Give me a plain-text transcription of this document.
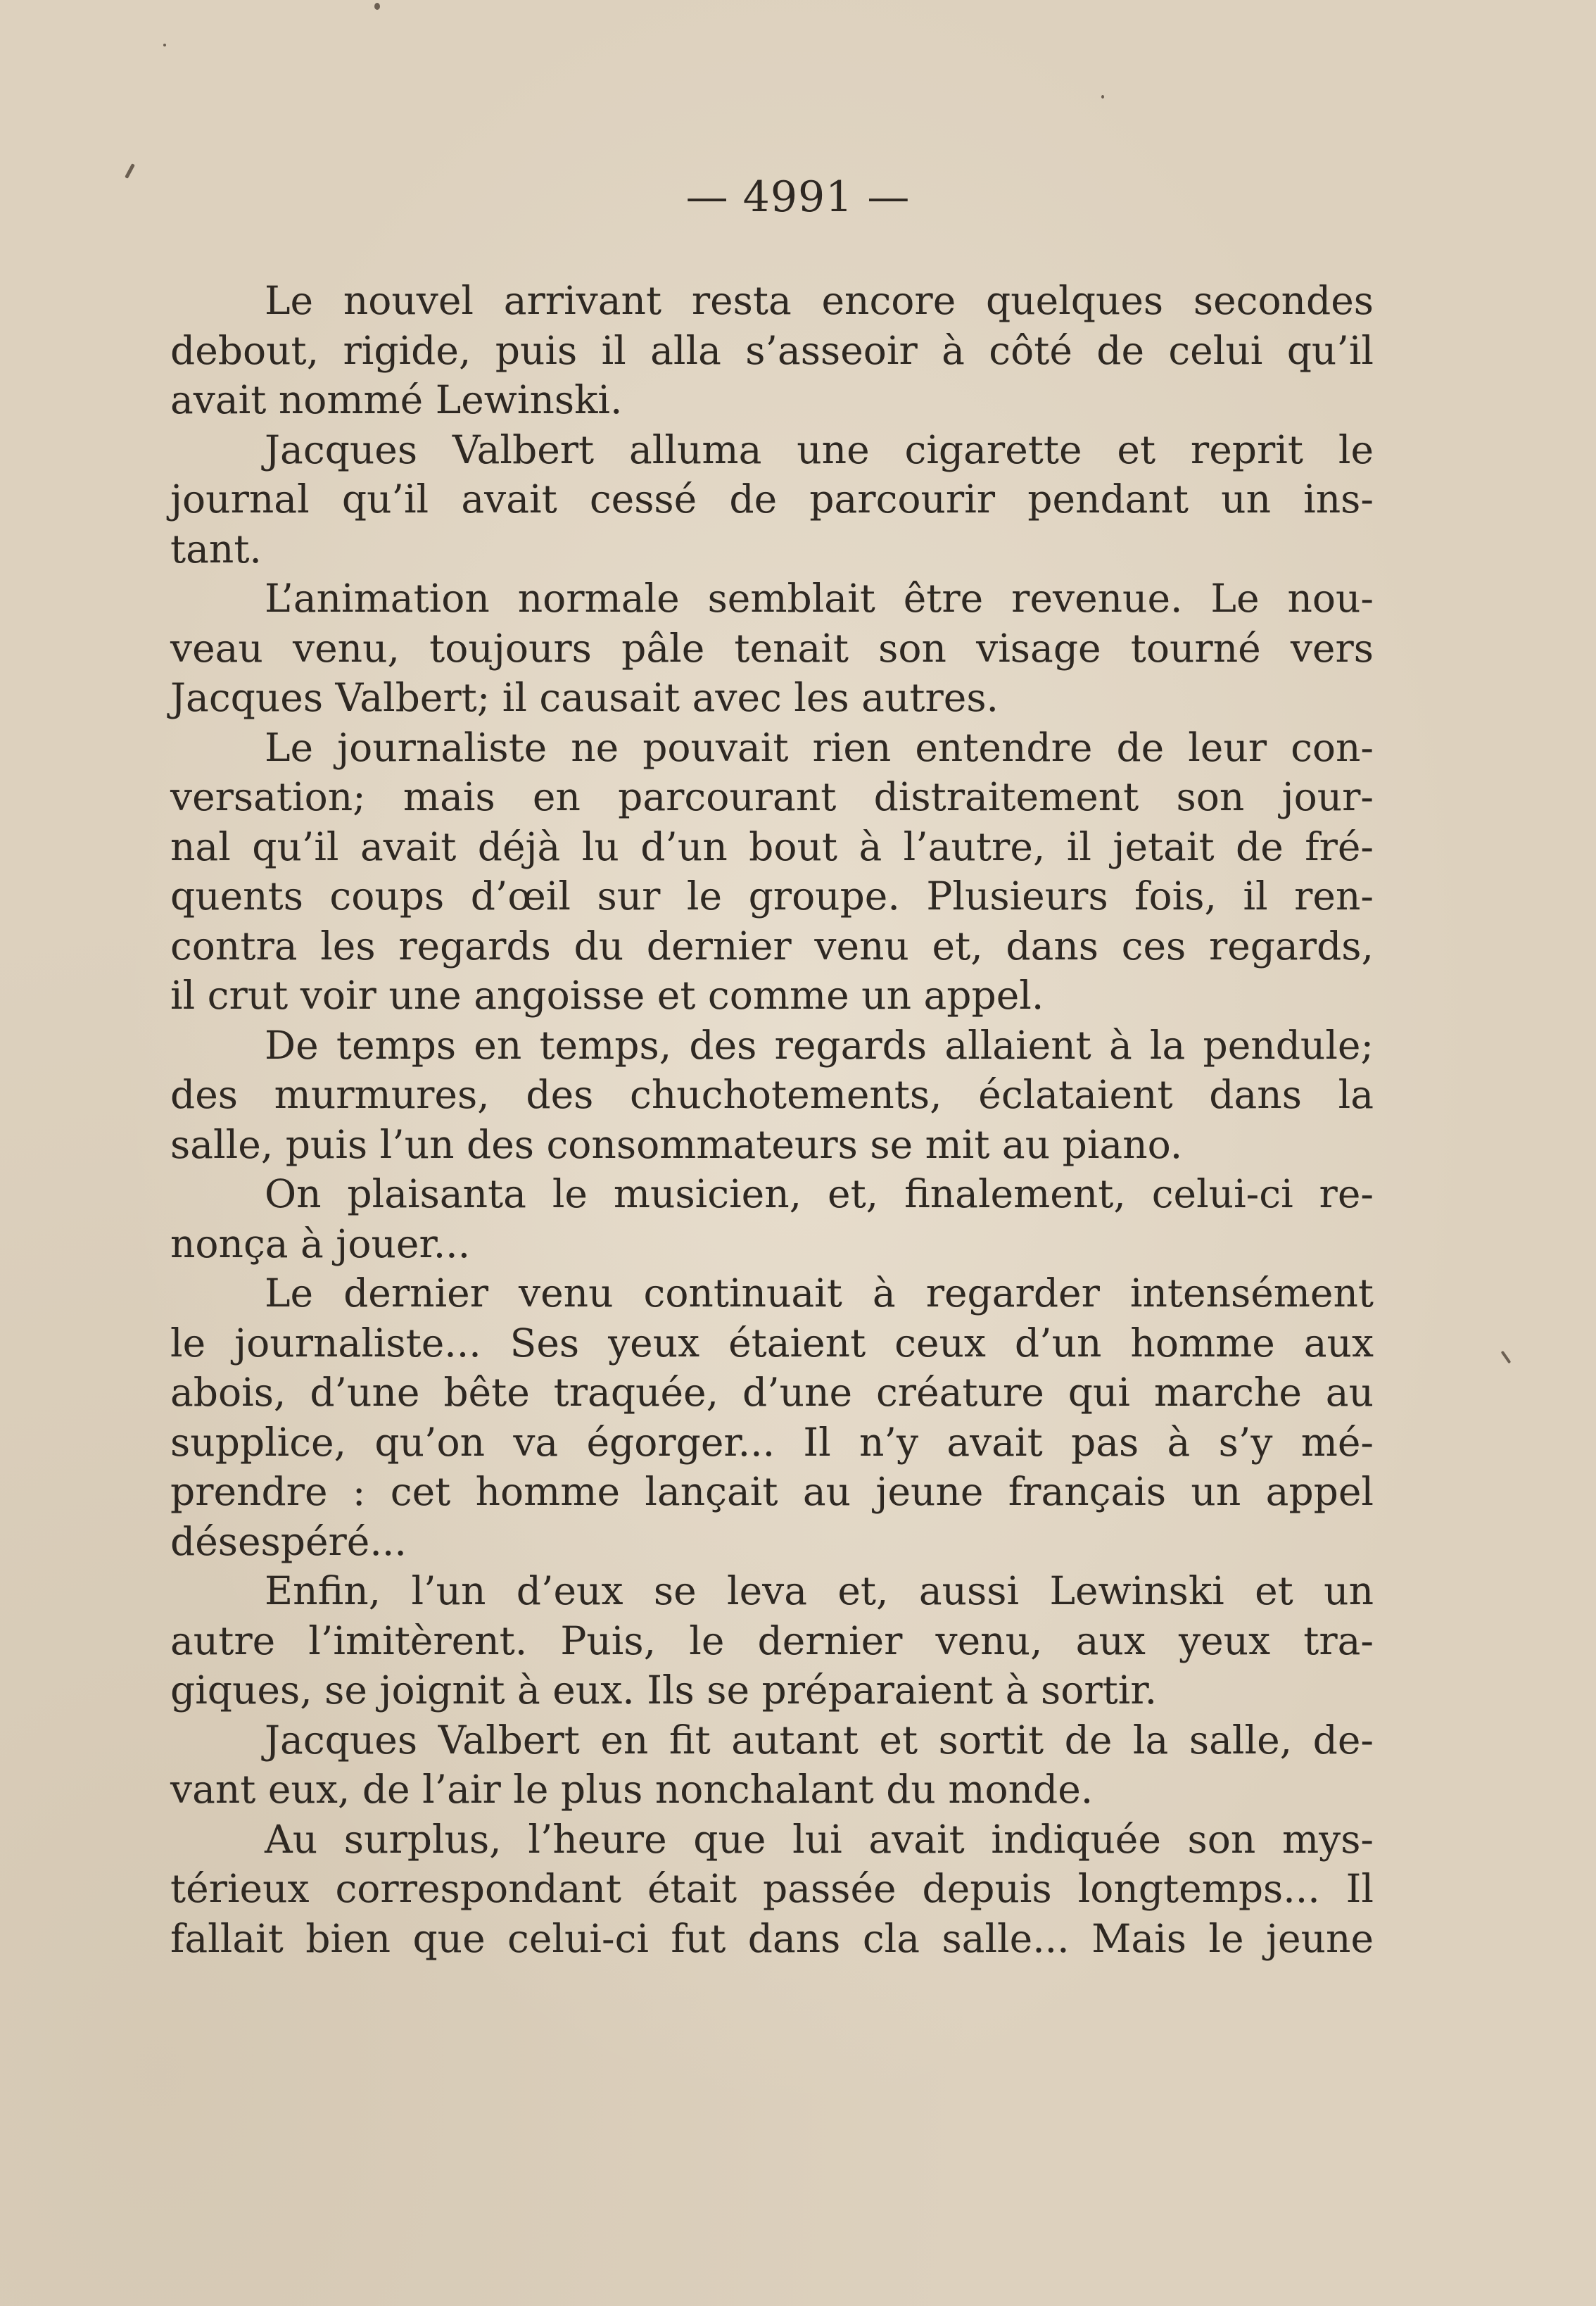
— 4991 —
Le nouvel arrivant resta encore quelques secondes
debout, rigide, puis il alla s’asseoir à côté de celui qu’il
avait nommé Lewinski.
Jacques Valbert alluma une cigarette et reprit le
journal qu’il avait cessé de parcourir pendant un ins-
tant.
L’animation normale semblait être revenue. Le nou-
veau venu, toujours pâle tenait son visage tourné vers
Jacques Valbert; il causait avec les autres.
Le journaliste ne pouvait rien entendre de leur con-
versation; mais en parcourant distraitement son jour-
nal qu’il avait déjà lu d’un bout à l’autre, il jetait de fré-
quents coups d’œil sur le groupe. Plusieurs fois, il ren-
contra les regards du dernier venu et, dans ces regards,
il crut voir une angoisse et comme un appel.
De temps en temps, des regards allaient à la pendule;
des murmures, des chuchotements, éclataient dans la
salle, puis l’un des consommateurs se mit au piano.
On plaisanta le musicien, et, finalement, celui-ci re-
nonça à jouer...
Le dernier venu continuait à regarder intensément
le journaliste... Ses yeux étaient ceux d’un homme aux
abois, d’une bête traquée, d’une créature qui marche au
supplice, qu’on va égorger... Il n’y avait pas à s’y mé-
prendre : cet homme lançait au jeune français un appel
désespéré...
Enfin, l’un d’eux se leva et, aussi Lewinski et un
autre l’imitèrent. Puis, le dernier venu, aux yeux tra-
giques, se joignit à eux. Ils se préparaient à sortir.
Jacques Valbert en fit autant et sortit de la salle, de-
vant eux, de l’air le plus nonchalant du monde.
Au surplus, l’heure que lui avait indiquée son mys-
térieux correspondant était passée depuis longtemps... Il
fallait bien que celui-ci fut dans cla salle... Mais le jeune
